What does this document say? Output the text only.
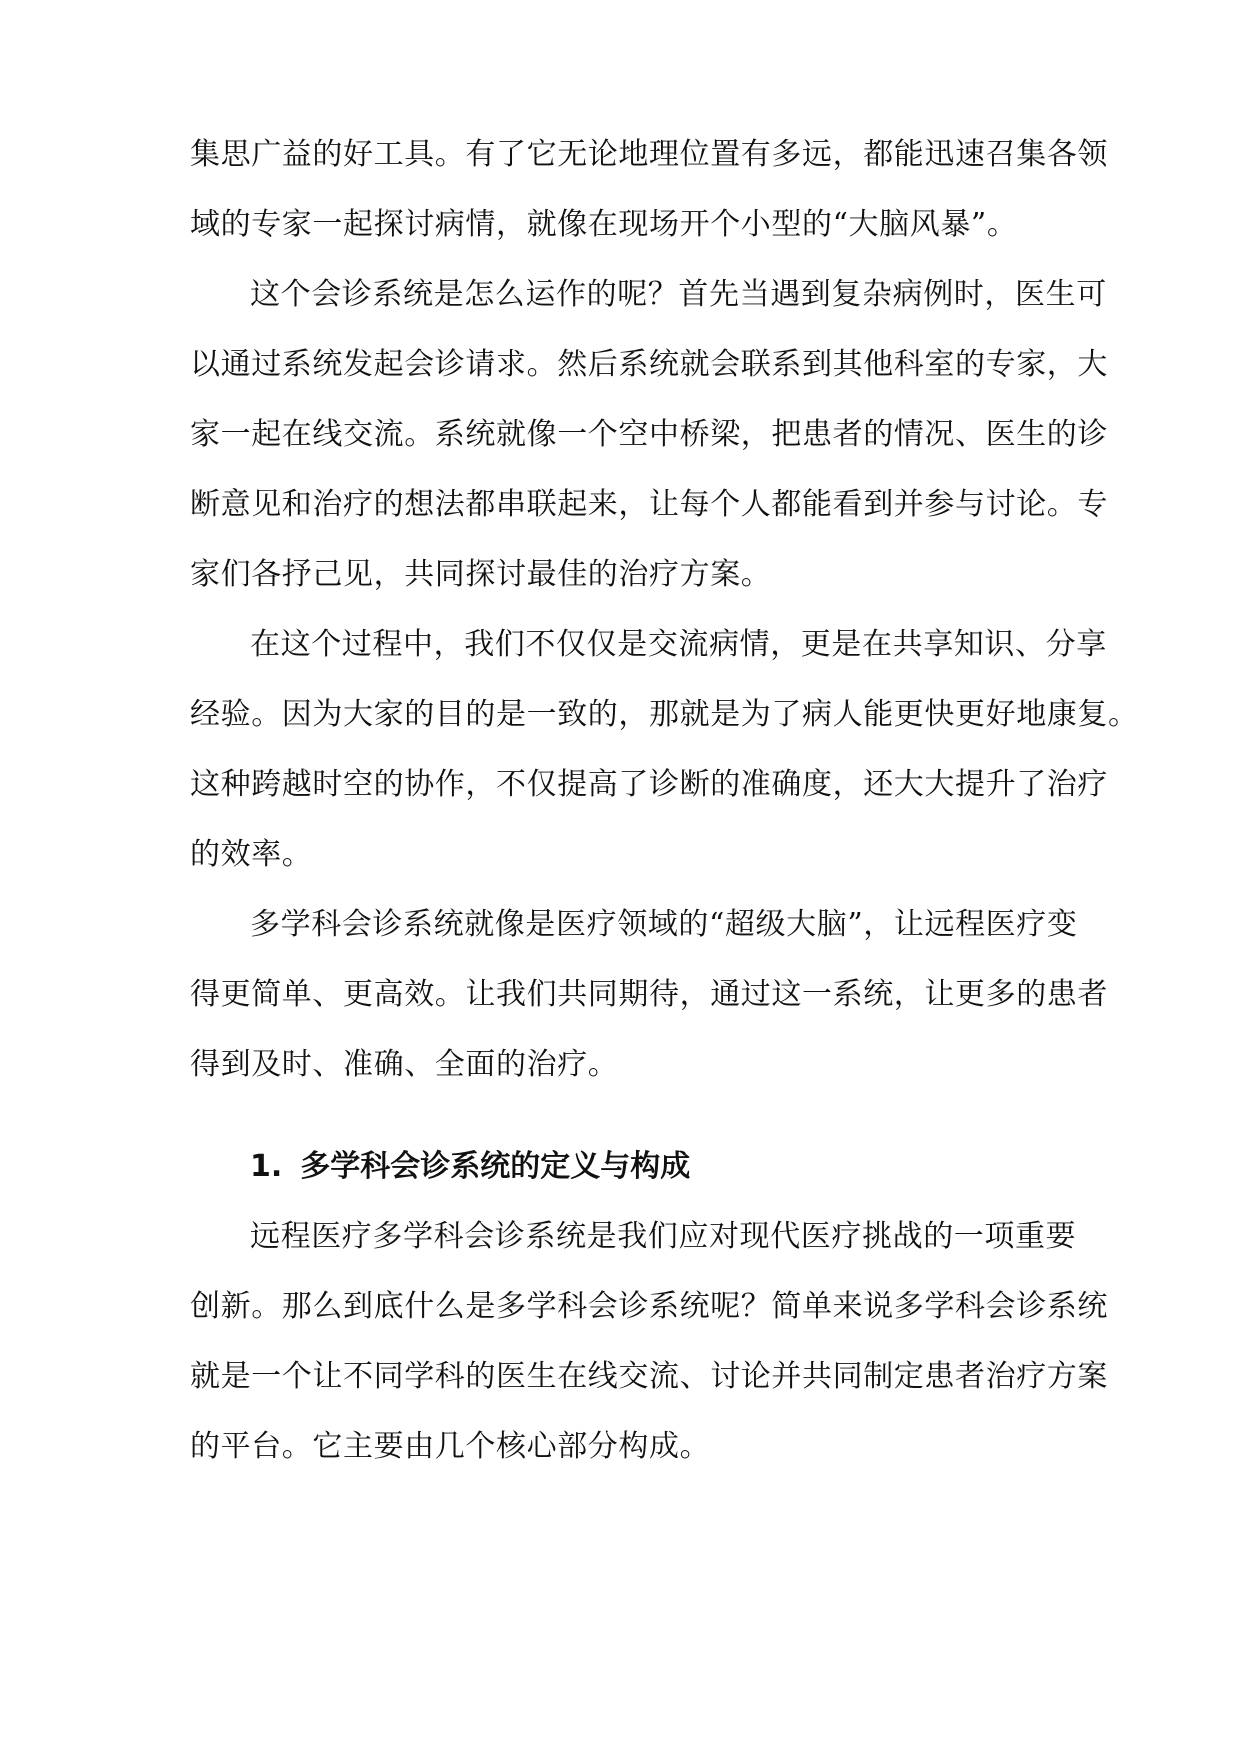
集思广益的好工具。有了它无论地理位置有多远，都能迅速召集各领
域的专家一起探讨病情，就像在现场开个小型的“大脑风暴”。
这个会诊系统是怎么运作的呢？首先当遇到复杂病例时，医生可
以通过系统发起会诊请求。然后系统就会联系到其他科室的专家，大
家一起在线交流。系统就像一个空中桥梁，把患者的情况、医生的诊
断意见和治疗的想法都串联起来，让每个人都能看到并参与讨论。专
家们各抒己见，共同探讨最佳的治疗方案。
在这个过程中，我们不仅仅是交流病情，更是在共享知识、分享
经验。因为大家的目的是一致的，那就是为了病人能更快更好地康复。
这种跨越时空的协作，不仅提高了诊断的准确度，还大大提升了治疗
的效率。
多学科会诊系统就像是医疗领域的“超级大脑”，让远程医疗变
得更简单、更高效。让我们共同期待，通过这一系统，让更多的患者
得到及时、准确、全面的治疗。
1. 多学科会诊系统的定义与构成
远程医疗多学科会诊系统是我们应对现代医疗挑战的一项重要
创新。那么到底什么是多学科会诊系统呢？简单来说多学科会诊系统
就是一个让不同学科的医生在线交流、讨论并共同制定患者治疗方案
的平台。它主要由几个核心部分构成。
